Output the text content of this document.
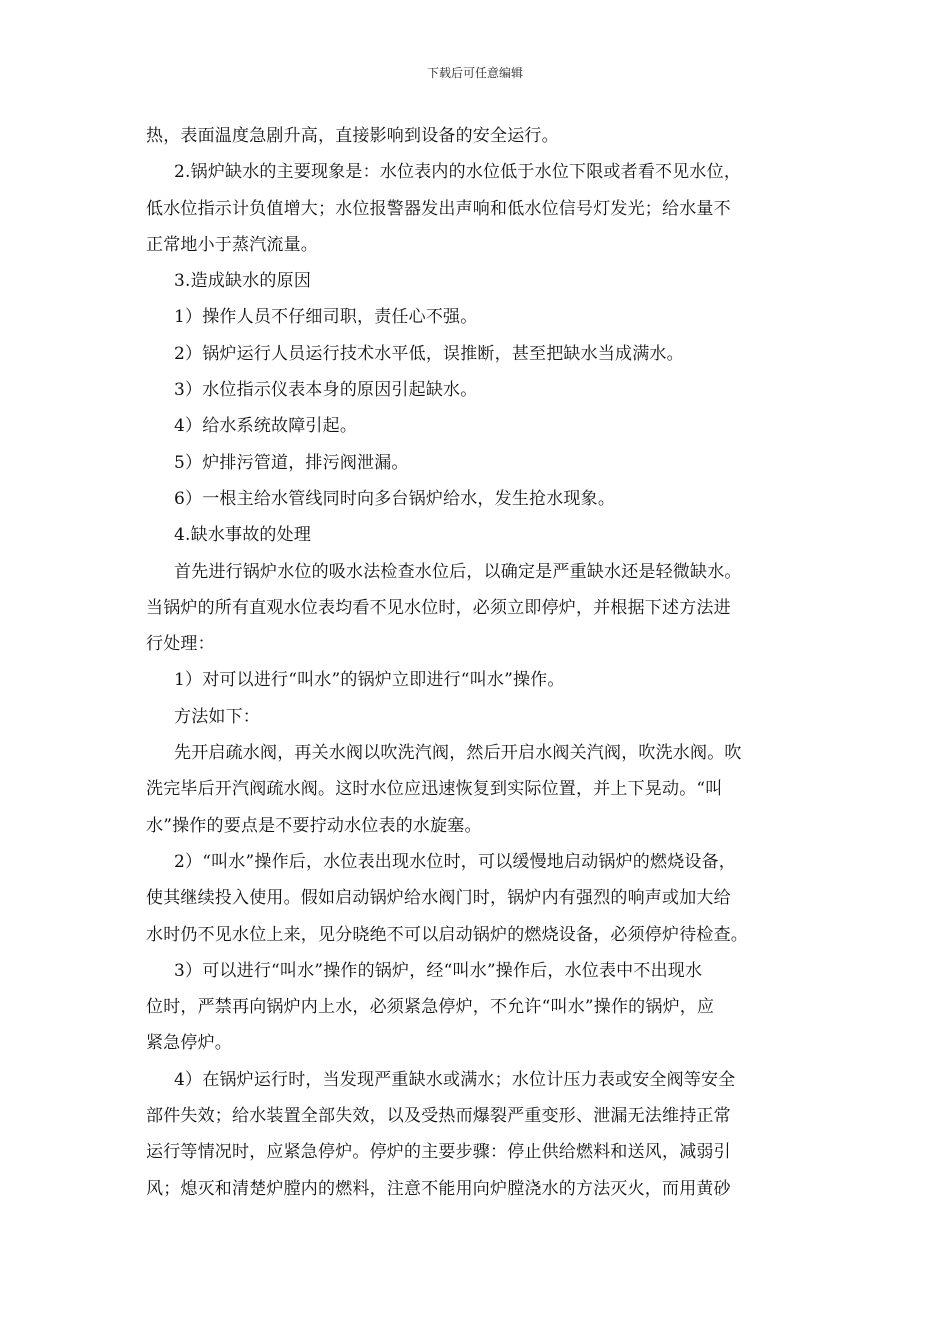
下载后可任意编辑
热，表面温度急剧升高，直接影响到设备的安全运行。
2.锅炉缺水的主要现象是：水位表内的水位低于水位下限或者看不见水位，
低水位指示计负值增大；水位报警器发出声响和低水位信号灯发光；给水量不
正常地小于蒸汽流量。
3.造成缺水的原因
1）操作人员不仔细司职，责任心不强。
2）锅炉运行人员运行技术水平低，误推断，甚至把缺水当成满水。
3）水位指示仪表本身的原因引起缺水。
4）给水系统故障引起。
5）炉排污管道，排污阀泄漏。
6）一根主给水管线同时向多台锅炉给水，发生抢水现象。
4.缺水事故的处理
首先进行锅炉水位的吸水法检查水位后，以确定是严重缺水还是轻微缺水。
当锅炉的所有直观水位表均看不见水位时，必须立即停炉，并根据下述方法进
行处理：
1）对可以进行“叫水”的锅炉立即进行“叫水”操作。
方法如下：
先开启疏水阀，再关水阀以吹洗汽阀，然后开启水阀关汽阀，吹洗水阀。吹
洗完毕后开汽阀疏水阀。这时水位应迅速恢复到实际位置，并上下晃动。“叫
水”操作的要点是不要拧动水位表的水旋塞。
2）“叫水”操作后，水位表出现水位时，可以缓慢地启动锅炉的燃烧设备，
使其继续投入使用。假如启动锅炉给水阀门时，锅炉内有强烈的响声或加大给
水时仍不见水位上来，见分晓绝不可以启动锅炉的燃烧设备，必须停炉待检查。
3）可以进行“叫水”操作的锅炉，经“叫水”操作后，水位表中不出现水
位时，严禁再向锅炉内上水，必须紧急停炉，不允许“叫水”操作的锅炉，应
紧急停炉。
4）在锅炉运行时，当发现严重缺水或满水；水位计压力表或安全阀等安全
部件失效；给水装置全部失效，以及受热而爆裂严重变形、泄漏无法维持正常
运行等情况时，应紧急停炉。停炉的主要步骤：停止供给燃料和送风，减弱引
风；熄灭和清楚炉膛内的燃料，注意不能用向炉膛浇水的方法灭火，而用黄砂
